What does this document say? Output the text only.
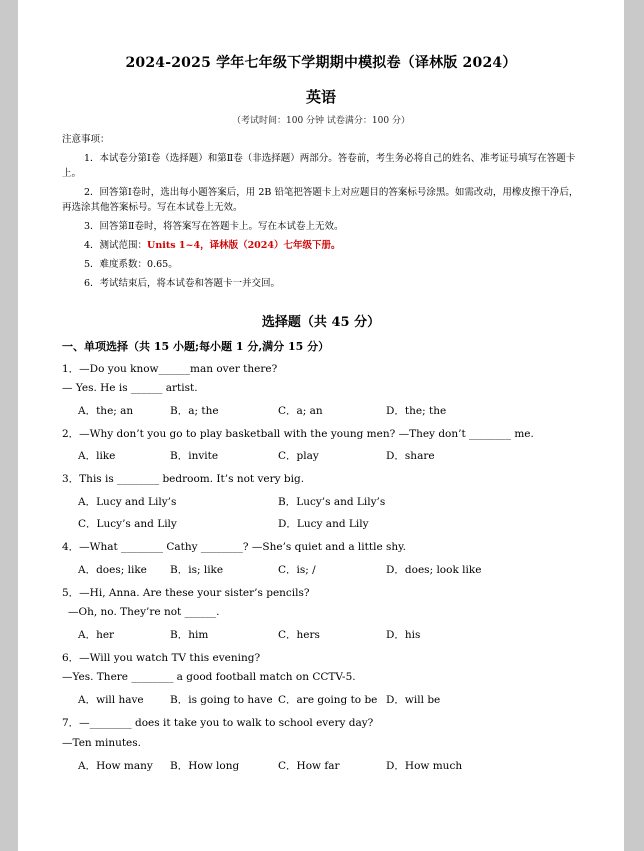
2024-2025 学年七年级下学期期中模拟卷（译林版 2024）
英语
（考试时间：100 分钟 试卷满分：100 分）

注意事项：

1．本试卷分第Ⅰ卷（选择题）和第Ⅱ卷（非选择题）两部分。答卷前，考生务必将自己的姓名、准考证号填写在答题卡上。

2．回答第Ⅰ卷时，选出每小题答案后，用 2B 铅笔把答题卡上对应题目的答案标号涂黑。如需改动，用橡皮擦干净后，再选涂其他答案标号。写在本试卷上无效。

3．回答第Ⅱ卷时，将答案写在答题卡上。写在本试卷上无效。

4．测试范围：Units 1~4，译林版（2024）七年级下册。

5．难度系数：0.65。

6．考试结束后，将本试卷和答题卡一并交回。

选择题（共 45 分）
一、单项选择（共 15 小题;每小题 1 分,满分 15 分）
1．—Do you know______man over there?
— Yes. He is ______ artist.
A．the; an	B．a; the	C．a; an	D．the; the
2．—Why don’t you go to play basketball with the young men? —They don’t ________ me.
A．like	B．invite	C．play	D．share
3．This is ________ bedroom. It’s not very big.
A．Lucy and Lily’s	B．Lucy’s and Lily’s
C．Lucy’s and Lily	D．Lucy and Lily
4．—What ________ Cathy ________? —She’s quiet and a little shy.
A．does; like B．is; like	C．is; /	D．does; look like
5．—Hi, Anna. Are these your sister’s pencils?
—Oh, no. They’re not ______.
A．her	B．him	C．hers	D．his
6．—Will you watch TV this evening?
—Yes. There ________ a good football match on CCTV-5.
A．will have	B．is going to have C．are going to be D．will be
7．—________ does it take you to walk to school every day?
—Ten minutes.
A．How many B．How long	C．How far	D．How much
